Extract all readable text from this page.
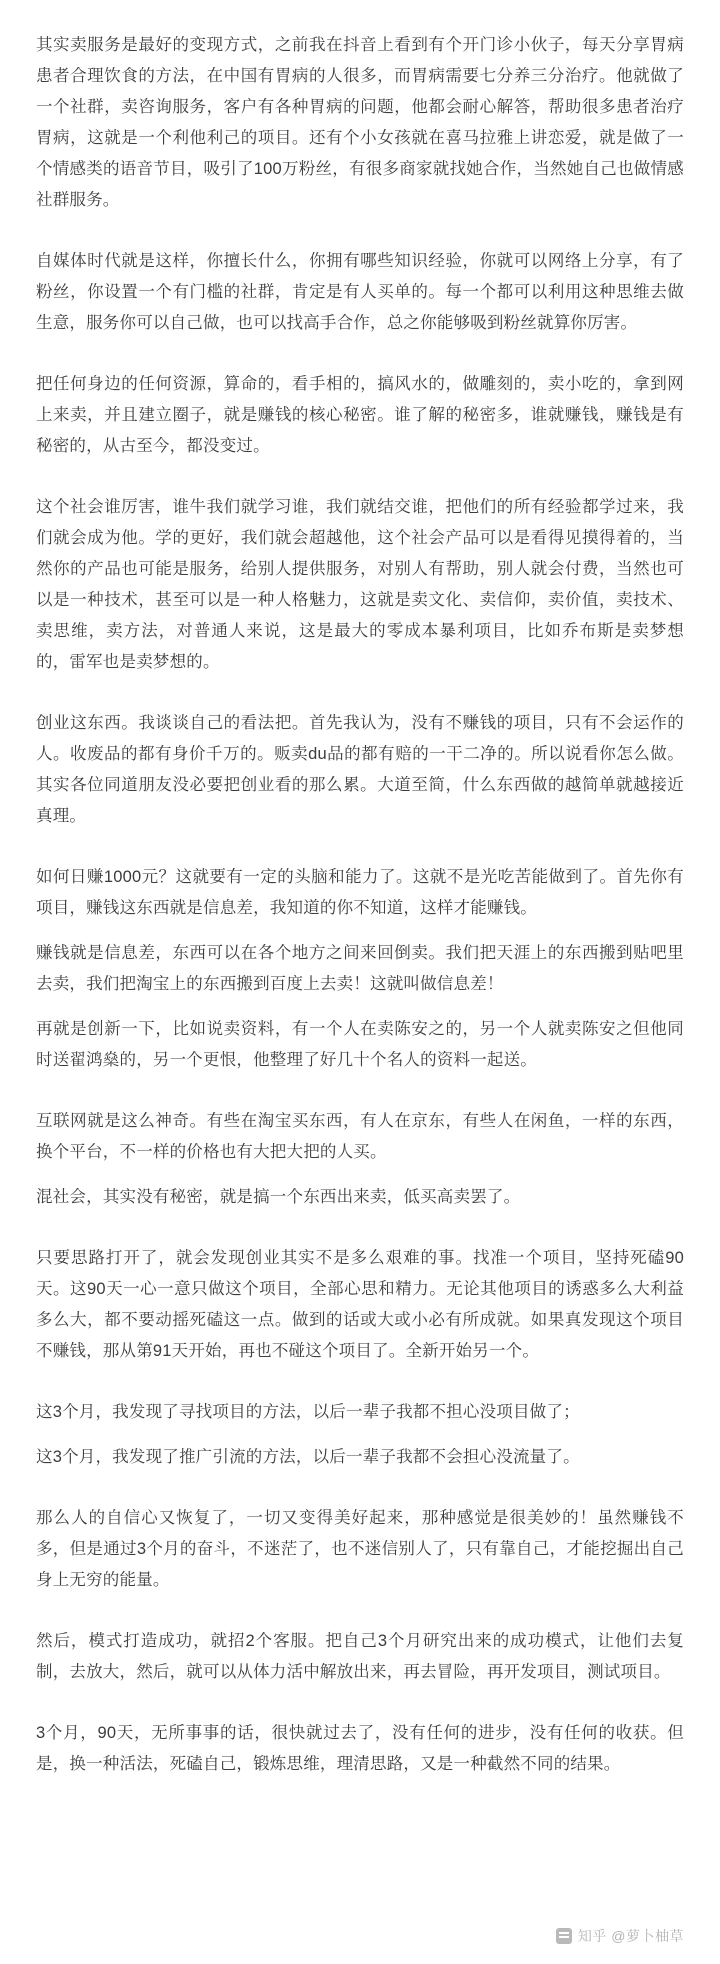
其实卖服务是最好的变现方式，之前我在抖音上看到有个开门诊小伙子，每天分享胃病患者合理饮食的方法，在中国有胃病的人很多，而胃病需要七分养三分治疗。他就做了一个社群，卖咨询服务，客户有各种胃病的问题，他都会耐心解答，帮助很多患者治疗胃病，这就是一个利他利己的项目。还有个小女孩就在喜马拉雅上讲恋爱，就是做了一个情感类的语音节目，吸引了100万粉丝，有很多商家就找她合作，当然她自己也做情感社群服务。

自媒体时代就是这样，你擅长什么，你拥有哪些知识经验，你就可以网络上分享，有了粉丝，你设置一个有门槛的社群，肯定是有人买单的。每一个都可以利用这种思维去做生意，服务你可以自己做，也可以找高手合作，总之你能够吸到粉丝就算你厉害。

把任何身边的任何资源，算命的，看手相的，搞风水的，做雕刻的，卖小吃的，拿到网上来卖，并且建立圈子，就是赚钱的核心秘密。谁了解的秘密多，谁就赚钱，赚钱是有秘密的，从古至今，都没变过。

这个社会谁厉害，谁牛我们就学习谁，我们就结交谁，把他们的所有经验都学过来，我们就会成为他。学的更好，我们就会超越他，这个社会产品可以是看得见摸得着的，当然你的产品也可能是服务，给别人提供服务，对别人有帮助，别人就会付费，当然也可以是一种技术，甚至可以是一种人格魅力，这就是卖文化、卖信仰，卖价值，卖技术、卖思维，卖方法，对普通人来说，这是最大的零成本暴利项目，比如乔布斯是卖梦想的，雷军也是卖梦想的。

创业这东西。我谈谈自己的看法把。首先我认为，没有不赚钱的项目，只有不会运作的人。收废品的都有身价千万的。贩卖du品的都有赔的一干二净的。所以说看你怎么做。其实各位同道朋友没必要把创业看的那么累。大道至简，什么东西做的越简单就越接近真理。

如何日赚1000元？这就要有一定的头脑和能力了。这就不是光吃苦能做到了。首先你有项目，赚钱这东西就是信息差，我知道的你不知道，这样才能赚钱。

赚钱就是信息差，东西可以在各个地方之间来回倒卖。我们把天涯上的东西搬到贴吧里去卖，我们把淘宝上的东西搬到百度上去卖！这就叫做信息差！

再就是创新一下，比如说卖资料，有一个人在卖陈安之的，另一个人就卖陈安之但他同时送翟鸿燊的，另一个更恨，他整理了好几十个名人的资料一起送。

互联网就是这么神奇。有些在淘宝买东西，有人在京东，有些人在闲鱼，一样的东西，换个平台，不一样的价格也有大把大把的人买。

混社会，其实没有秘密，就是搞一个东西出来卖，低买高卖罢了。

只要思路打开了，就会发现创业其实不是多么艰难的事。找准一个项目，坚持死磕90天。这90天一心一意只做这个项目，全部心思和精力。无论其他项目的诱惑多么大利益多么大，都不要动摇死磕这一点。做到的话或大或小必有所成就。如果真发现这个项目不赚钱，那从第91天开始，再也不碰这个项目了。全新开始另一个。

这3个月，我发现了寻找项目的方法，以后一辈子我都不担心没项目做了；

这3个月，我发现了推广引流的方法，以后一辈子我都不会担心没流量了。

那么人的自信心又恢复了，一切又变得美好起来，那种感觉是很美妙的！虽然赚钱不多，但是通过3个月的奋斗，不迷茫了，也不迷信别人了，只有靠自己，才能挖掘出自己身上无穷的能量。

然后，模式打造成功，就招2个客服。把自己3个月研究出来的成功模式，让他们去复制，去放大，然后，就可以从体力活中解放出来，再去冒险，再开发项目，测试项目。

3个月，90天，无所事事的话，很快就过去了，没有任何的进步，没有任何的收获。但是，换一种活法，死磕自己，锻炼思维，理清思路，又是一种截然不同的结果。

知乎 @萝卜柚草
